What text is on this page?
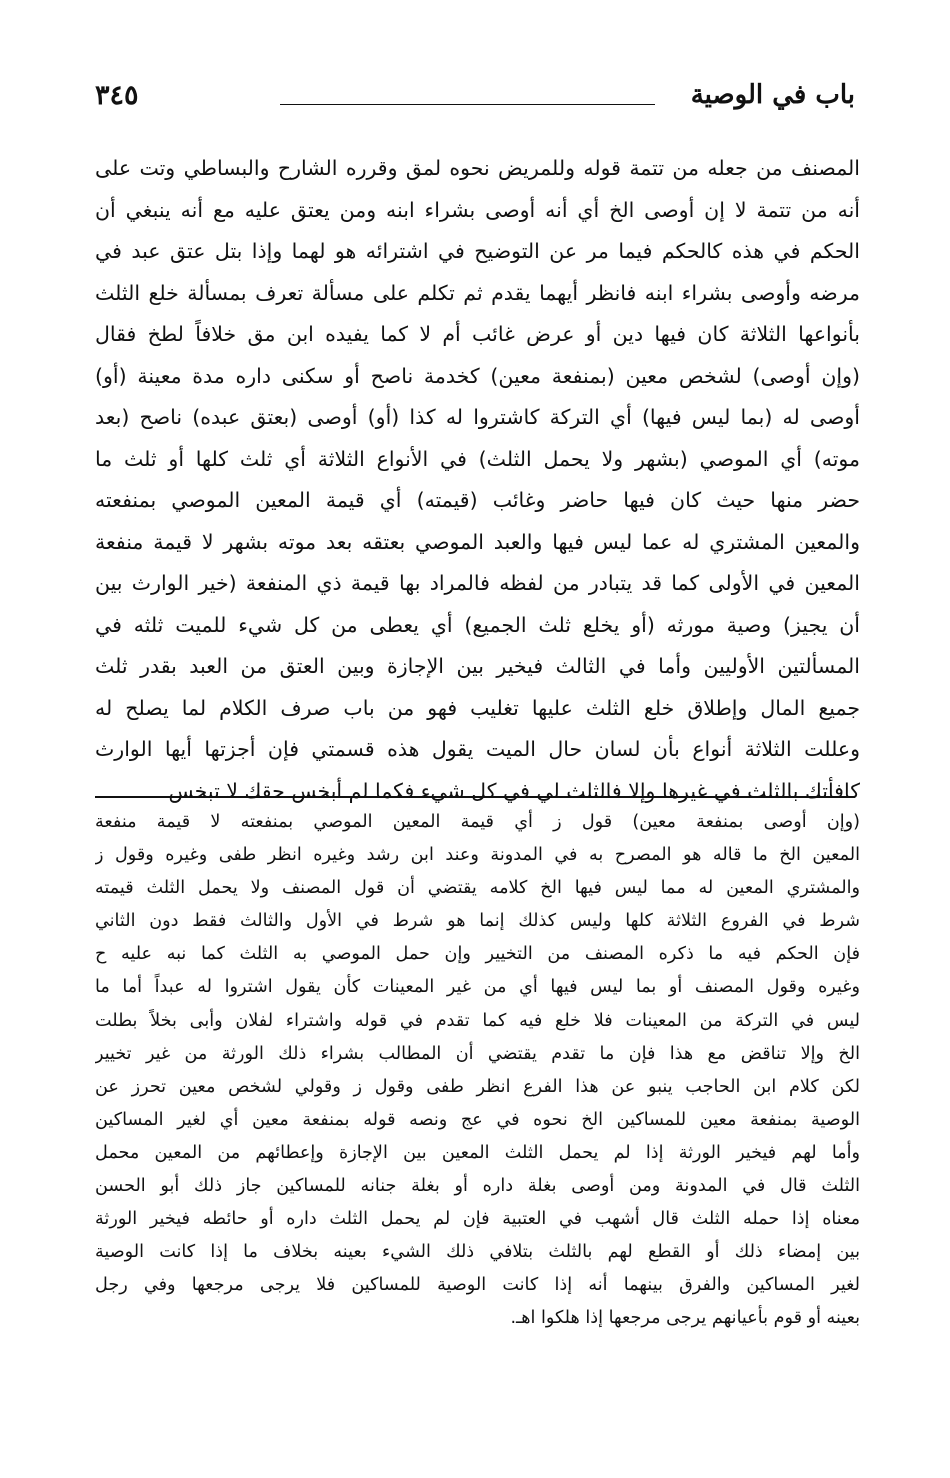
باب في الوصية
٣٤٥
المصنف من جعله من تتمة قوله وللمريض نحوه لمق وقرره الشارح والبساطي وتت على
أنه من تتمة لا إن أوصى الخ أي أنه أوصى بشراء ابنه ومن يعتق عليه مع أنه ينبغي أن
الحكم في هذه كالحكم فيما مر عن التوضيح في اشترائه هو لهما وإذا بتل عتق عبد في
مرضه وأوصى بشراء ابنه فانظر أيهما يقدم ثم تكلم على مسألة تعرف بمسألة خلع الثلث
بأنواعها الثلاثة كان فيها دين أو عرض غائب أم لا كما يفيده ابن مق خلافاً لطخ فقال
(وإن أوصى) لشخص معين (بمنفعة معين) كخدمة ناصح أو سكنى داره مدة معينة (أو)
أوصى له (بما ليس فيها) أي التركة كاشتروا له كذا (أو) أوصى (بعتق عبده) ناصح (بعد
موته) أي الموصي (بشهر ولا يحمل الثلث) في الأنواع الثلاثة أي ثلث كلها أو ثلث ما
حضر منها حيث كان فيها حاضر وغائب (قيمته) أي قيمة المعين الموصي بمنفعته
والمعين المشتري له عما ليس فيها والعبد الموصي بعتقه بعد موته بشهر لا قيمة منفعة
المعين في الأولى كما قد يتبادر من لفظه فالمراد بها قيمة ذي المنفعة (خير الوارث بين
أن يجيز) وصية مورثه (أو يخلع ثلث الجميع) أي يعطى من كل شيء للميت ثلثه في
المسألتين الأوليين وأما في الثالث فيخير بين الإجازة وبين العتق من العبد بقدر ثلث
جميع المال وإطلاق خلع الثلث عليها تغليب فهو من باب صرف الكلام لما يصلح له
وعللت الثلاثة أنواع بأن لسان حال الميت يقول هذه قسمتي فإن أجزتها أيها الوارث
كافأتك بالثلث في غيرها وإلا فالثلث لي في كل شيء فكما لم أبخس حقك لا تبخس
(وإن أوصى بمنفعة معين) قول ز أي قيمة المعين الموصي بمنفعته لا قيمة منفعة
المعين الخ ما قاله هو المصرح به في المدونة وعند ابن رشد وغيره انظر طفى وغيره وقول ز
والمشتري المعين له مما ليس فيها الخ كلامه يقتضي أن قول المصنف ولا يحمل الثلث قيمته
شرط في الفروع الثلاثة كلها وليس كذلك إنما هو شرط في الأول والثالث فقط دون الثاني
فإن الحكم فيه ما ذكره المصنف من التخيير وإن حمل الموصي به الثلث كما نبه عليه ح
وغيره وقول المصنف أو بما ليس فيها أي من غير المعينات كأن يقول اشتروا له عبداً أما ما
ليس في التركة من المعينات فلا خلع فيه كما تقدم في قوله واشتراء لفلان وأبى بخلاً بطلت
الخ وإلا تناقض مع هذا فإن ما تقدم يقتضي أن المطالب بشراء ذلك الورثة من غير تخيير
لكن كلام ابن الحاجب ينبو عن هذا الفرع انظر طفى وقول ز وقولي لشخص معين تحرز عن
الوصية بمنفعة معين للمساكين الخ نحوه في عج ونصه قوله بمنفعة معين أي لغير المساكين
وأما لهم فيخير الورثة إذا لم يحمل الثلث المعين بين الإجازة وإعطائهم من المعين محمل
الثلث قال في المدونة ومن أوصى بغلة داره أو بغلة جنانه للمساكين جاز ذلك أبو الحسن
معناه إذا حمله الثلث قال أشهب في العتبية فإن لم يحمل الثلث داره أو حائطه فيخير الورثة
بين إمضاء ذلك أو القطع لهم بالثلث بتلافي ذلك الشيء بعينه بخلاف ما إذا كانت الوصية
لغير المساكين والفرق بينهما أنه إذا كانت الوصية للمساكين فلا يرجى مرجعها وفي رجل
بعينه أو قوم بأعيانهم يرجى مرجعها إذا هلكوا اهـ.
